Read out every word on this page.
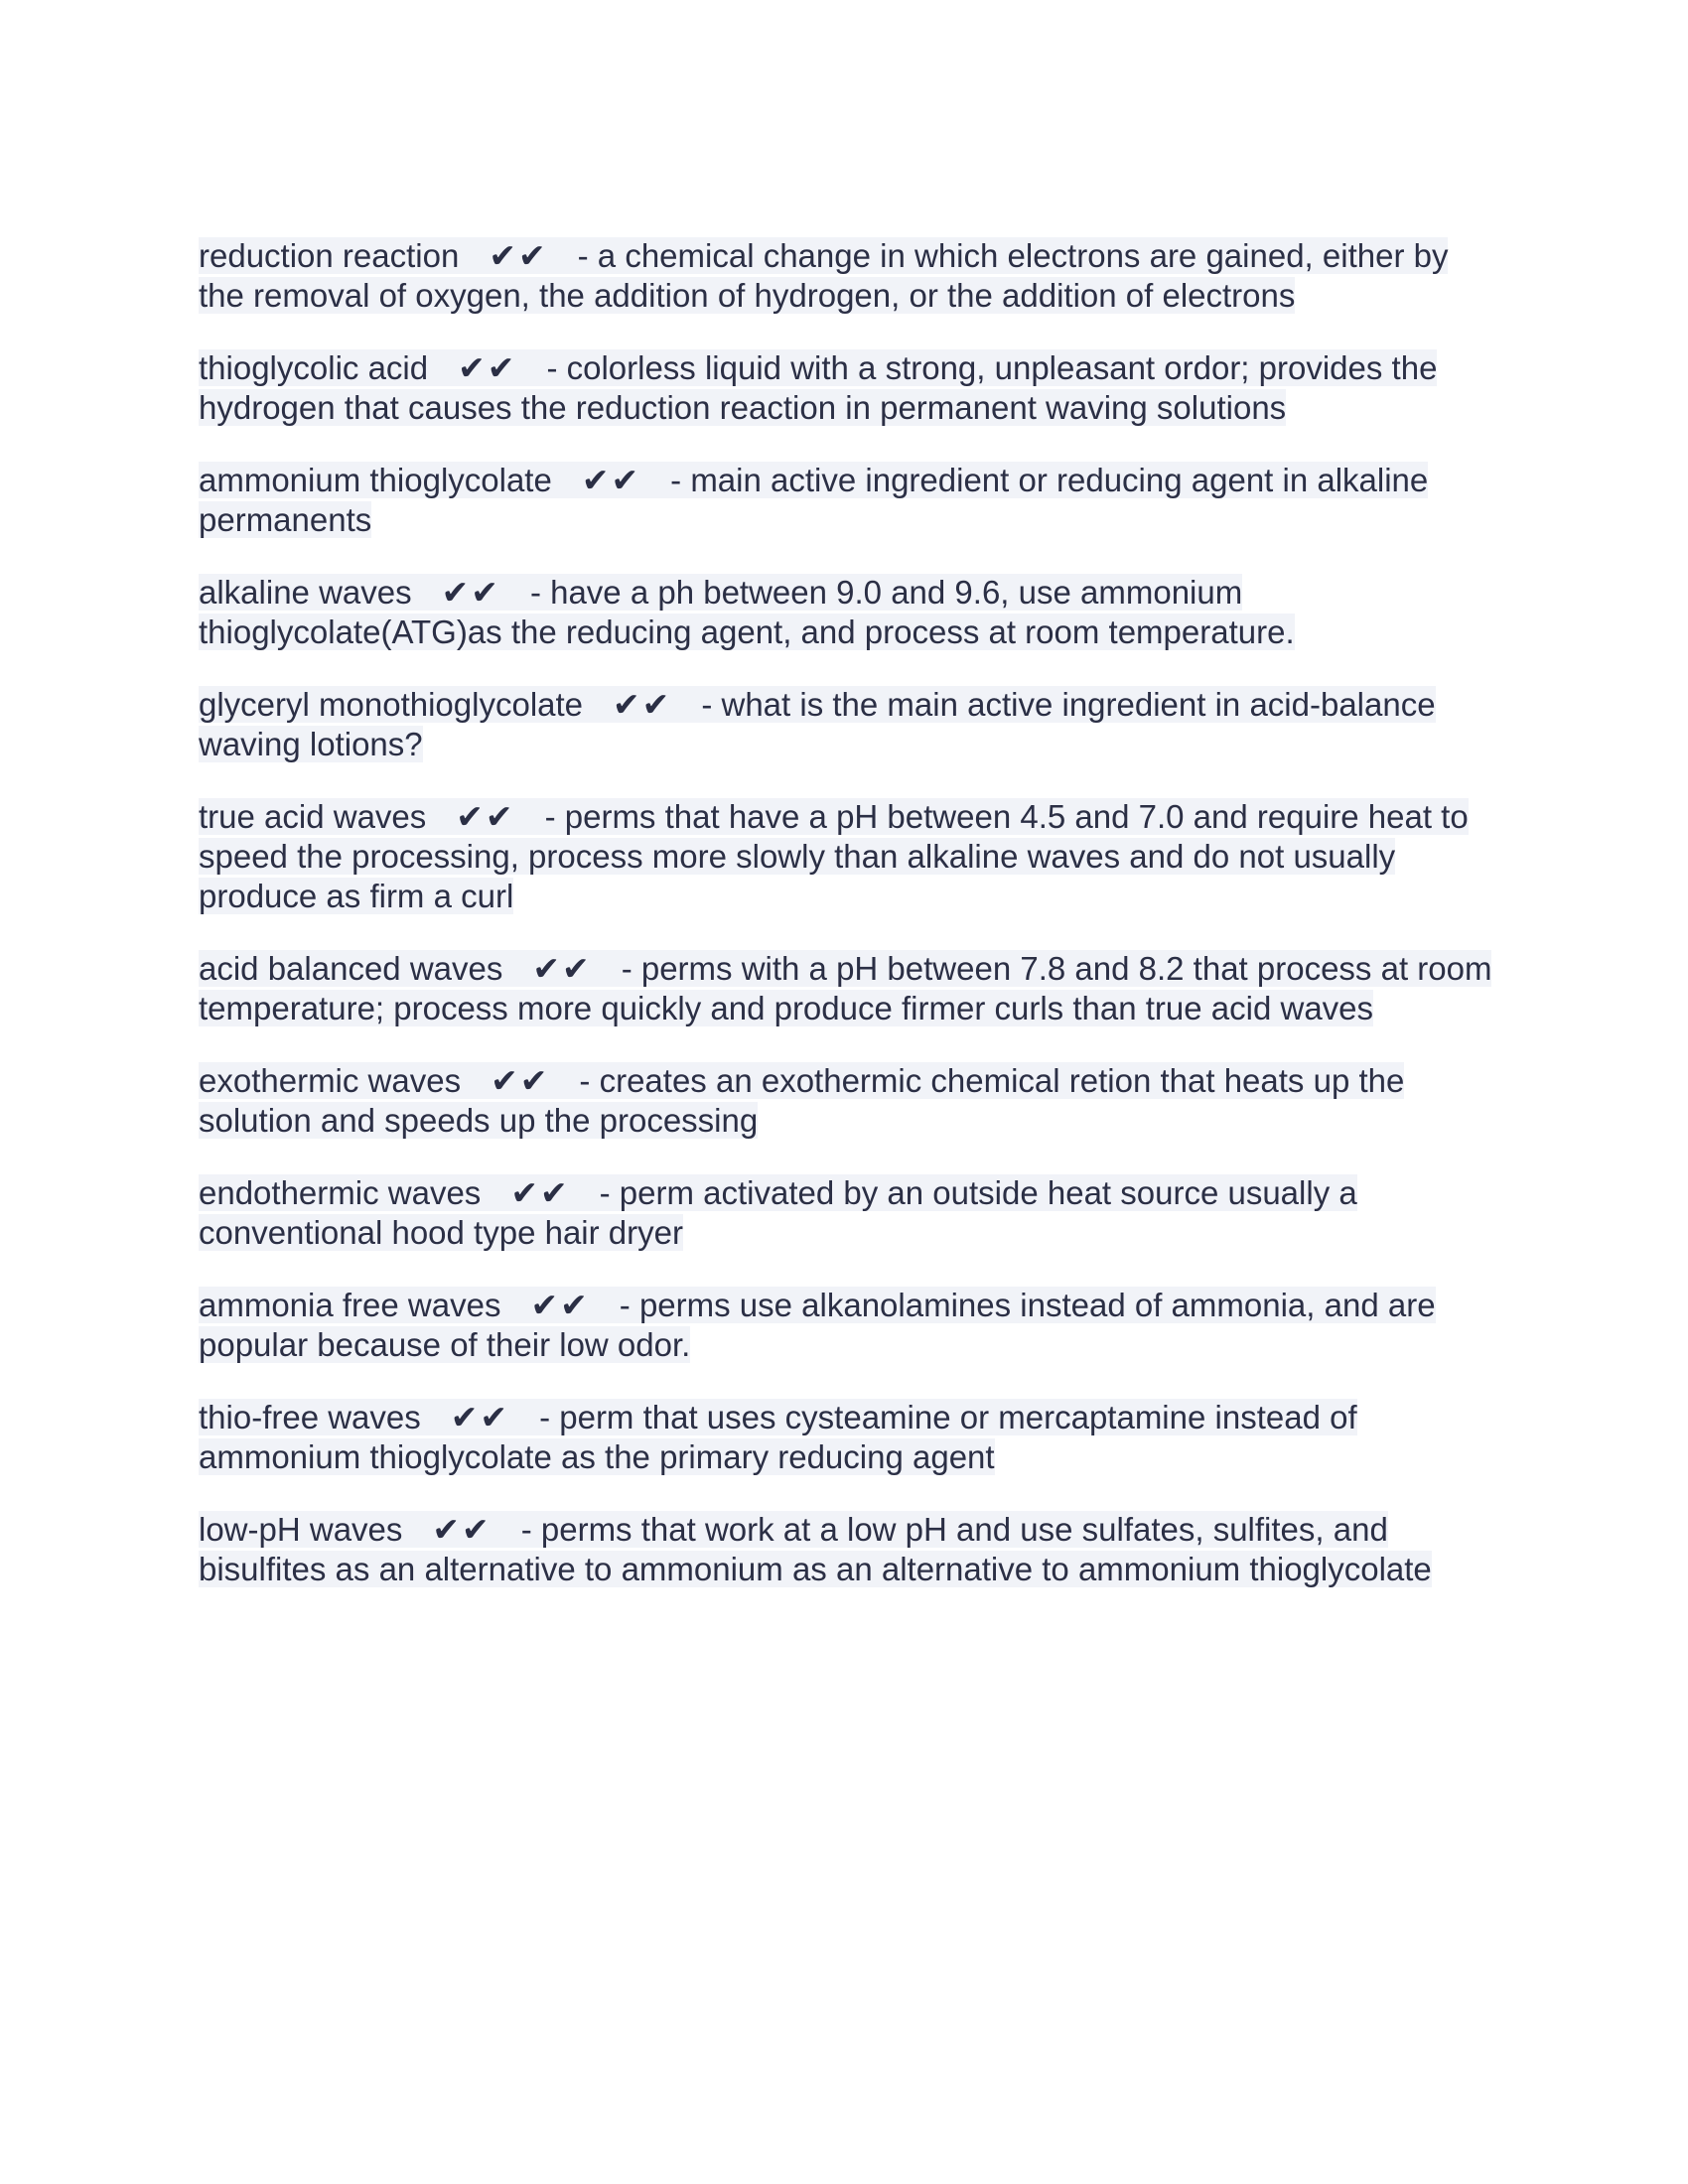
reduction reaction ✔✔ - a chemical change in which electrons are gained, either by the removal of oxygen, the addition of hydrogen, or the addition of electrons

thioglycolic acid ✔✔ - colorless liquid with a strong, unpleasant ordor; provides the hydrogen that causes the reduction reaction in permanent waving solutions

ammonium thioglycolate ✔✔ - main active ingredient or reducing agent in alkaline permanents

alkaline waves ✔✔ - have a ph between 9.0 and 9.6, use ammonium thioglycolate(ATG)as the reducing agent, and process at room temperature.

glyceryl monothioglycolate ✔✔ - what is the main active ingredient in acid-balance waving lotions?

true acid waves ✔✔ - perms that have a pH between 4.5 and 7.0 and require heat to speed the processing, process more slowly than alkaline waves and do not usually produce as firm a curl

acid balanced waves ✔✔ - perms with a pH between 7.8 and 8.2 that process at room temperature; process more quickly and produce firmer curls than true acid waves

exothermic waves ✔✔ - creates an exothermic chemical retion that heats up the solution and speeds up the processing

endothermic waves ✔✔ - perm activated by an outside heat source usually a conventional hood type hair dryer

ammonia free waves ✔✔ - perms use alkanolamines instead of ammonia, and are popular because of their low odor.

thio-free waves ✔✔ - perm that uses cysteamine or mercaptamine instead of ammonium thioglycolate as the primary reducing agent

low-pH waves ✔✔ - perms that work at a low pH and use sulfates, sulfites, and bisulfites as an alternative to ammonium as an alternative to ammonium thioglycolate
